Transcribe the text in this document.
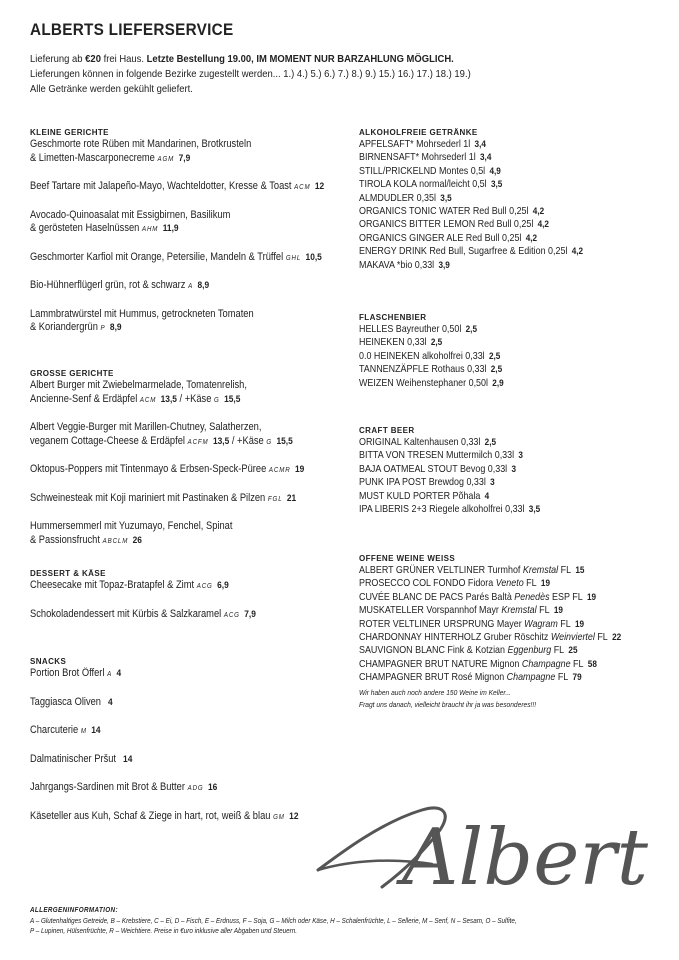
ALBERTS LIEFERSERVICE
Lieferung ab €20 frei Haus. Letzte Bestellung 19.00, IM MOMENT NUR BARZAHLUNG MÖGLICH.
Lieferungen können in folgende Bezirke zugestellt werden... 1.) 4.) 5.) 6.) 7.) 8.) 9.) 15.) 16.) 17.) 18.) 19.)
Alle Getränke werden gekühlt geliefert.
KLEINE GERICHTE
Geschmorte rote Rüben mit Mandarinen, Brotkrusteln
& Limetten-Mascarponecreme AGM 7,9
Beef Tartare mit Jalapeño-Mayo, Wachteldotter, Kresse & Toast ACM 12
Avocado-Quinoasalat mit Essigbirnen, Basilikum
& gerösteten Haselnüssen AHM 11,9
Geschmorter Karfiol mit Orange, Petersilie, Mandeln & Trüffel GHL 10,5
Bio-Hühnerflügerl grün, rot & schwarz A 8,9
Lammbratwürstel mit Hummus, getrockneten Tomaten
& Koriandergrün P 8,9
GROSSE GERICHTE
Albert Burger mit Zwiebelmarmelade, Tomatenrelish,
Ancienne-Senf & Erdäpfel ACM 13,5 / +Käse G 15,5
Albert Veggie-Burger mit Marillen-Chutney, Salatherzen,
veganem Cottage-Cheese & Erdäpfel ACFM 13,5 / +Käse G 15,5
Oktopus-Poppers mit Tintenmayo & Erbsen-Speck-Püree ACMR 19
Schweinesteak mit Koji mariniert mit Pastinaken & Pilzen FGL 21
Hummersemmerl mit Yuzumayo, Fenchel, Spinat
& Passionsfrucht ABCLM 26
DESSERT & KÄSE
Cheesecake mit Topaz-Bratapfel & Zimt ACG 6,9
Schokoladendessert mit Kürbis & Salzkaramel ACG 7,9
SNACKS
Portion Brot Öfferl A 4
Taggiasca Oliven 4
Charcuterie M 14
Dalmatinischer Pršut 14
Jahrgangs-Sardinen mit Brot & Butter ADG 16
Käseteller aus Kuh, Schaf & Ziege in hart, rot, weiß & blau GM 12
ALKOHOLFREIE GETRÄNKE
APFELSAFT* Mohrsederl 1l 3,4
BIRNENSAFT* Mohrsederl 1l 3,4
STILL/PRICKELND Montes 0,5l 4,9
TIROLA KOLA normal/leicht 0,5l 3,5
ALMDUDLER 0,35l 3,5
ORGANICS TONIC WATER Red Bull 0,25l 4,2
ORGANICS BITTER LEMON Red Bull 0,25l 4,2
ORGANICS GINGER ALE Red Bull 0,25l 4,2
ENERGY DRINK Red Bull, Sugarfree & Edition 0,25l 4,2
MAKAVA *bio 0,33l 3,9
FLASCHENBIER
HELLES Bayreuther 0,50l 2,5
HEINEKEN 0,33l 2,5
0.0 HEINEKEN alkoholfrei 0,33l 2,5
TANNENZÄPFLE Rothaus 0,33l 2,5
WEIZEN Weihenstephaner 0,50l 2,9
CRAFT BEER
ORIGINAL Kaltenhausen 0,33l 2,5
BITTA VON TRESEN Muttermilch 0,33l 3
BAJA OATMEAL STOUT Bevog 0,33l 3
PUNK IPA POST Brewdog 0,33l 3
MUST KULD PORTER Põhala 4
IPA LIBERIS 2+3 Riegele alkoholfrei 0,33l 3,5
OFFENE WEINE WEISS
ALBERT GRÜNER VELTLINER Turmhof Kremstal FL 15
PROSECCO COL FONDO Fidora Veneto FL 19
CUVÉE BLANC DE PACS Parés Baltà Penedès ESP FL 19
MUSKATELLER Vorspannhof Mayr Kremstal FL 19
ROTER VELTLINER URSPRUNG Mayer Wagram FL 19
CHARDONNAY HINTERHOLZ Gruber Röschitz Weinviertel FL 22
SAUVIGNON BLANC Fink & Kotzian Eggenburg FL 25
CHAMPAGNER BRUT NATURE Mignon Champagne FL 58
CHAMPAGNER BRUT Rosé Mignon Champagne FL 79
Wir haben auch noch andere 150 Weine im Keller...
Fragt uns danach, vielleicht braucht ihr ja was besonderes!!!
Albert
ALLERGENINFORMATION:
A – Glutenhaltiges Getreide, B – Krebstiere, C – Ei, D – Fisch, E – Erdnuss, F – Soja, G – Milch oder Käse, H – Schalenfrüchte, L – Sellerie, M – Senf, N – Sesam, O – Sulfite,
P – Lupinen, Hülsenfrüchte, R – Weichtiere. Preise in €uro inklusive aller Abgaben und Steuern.
